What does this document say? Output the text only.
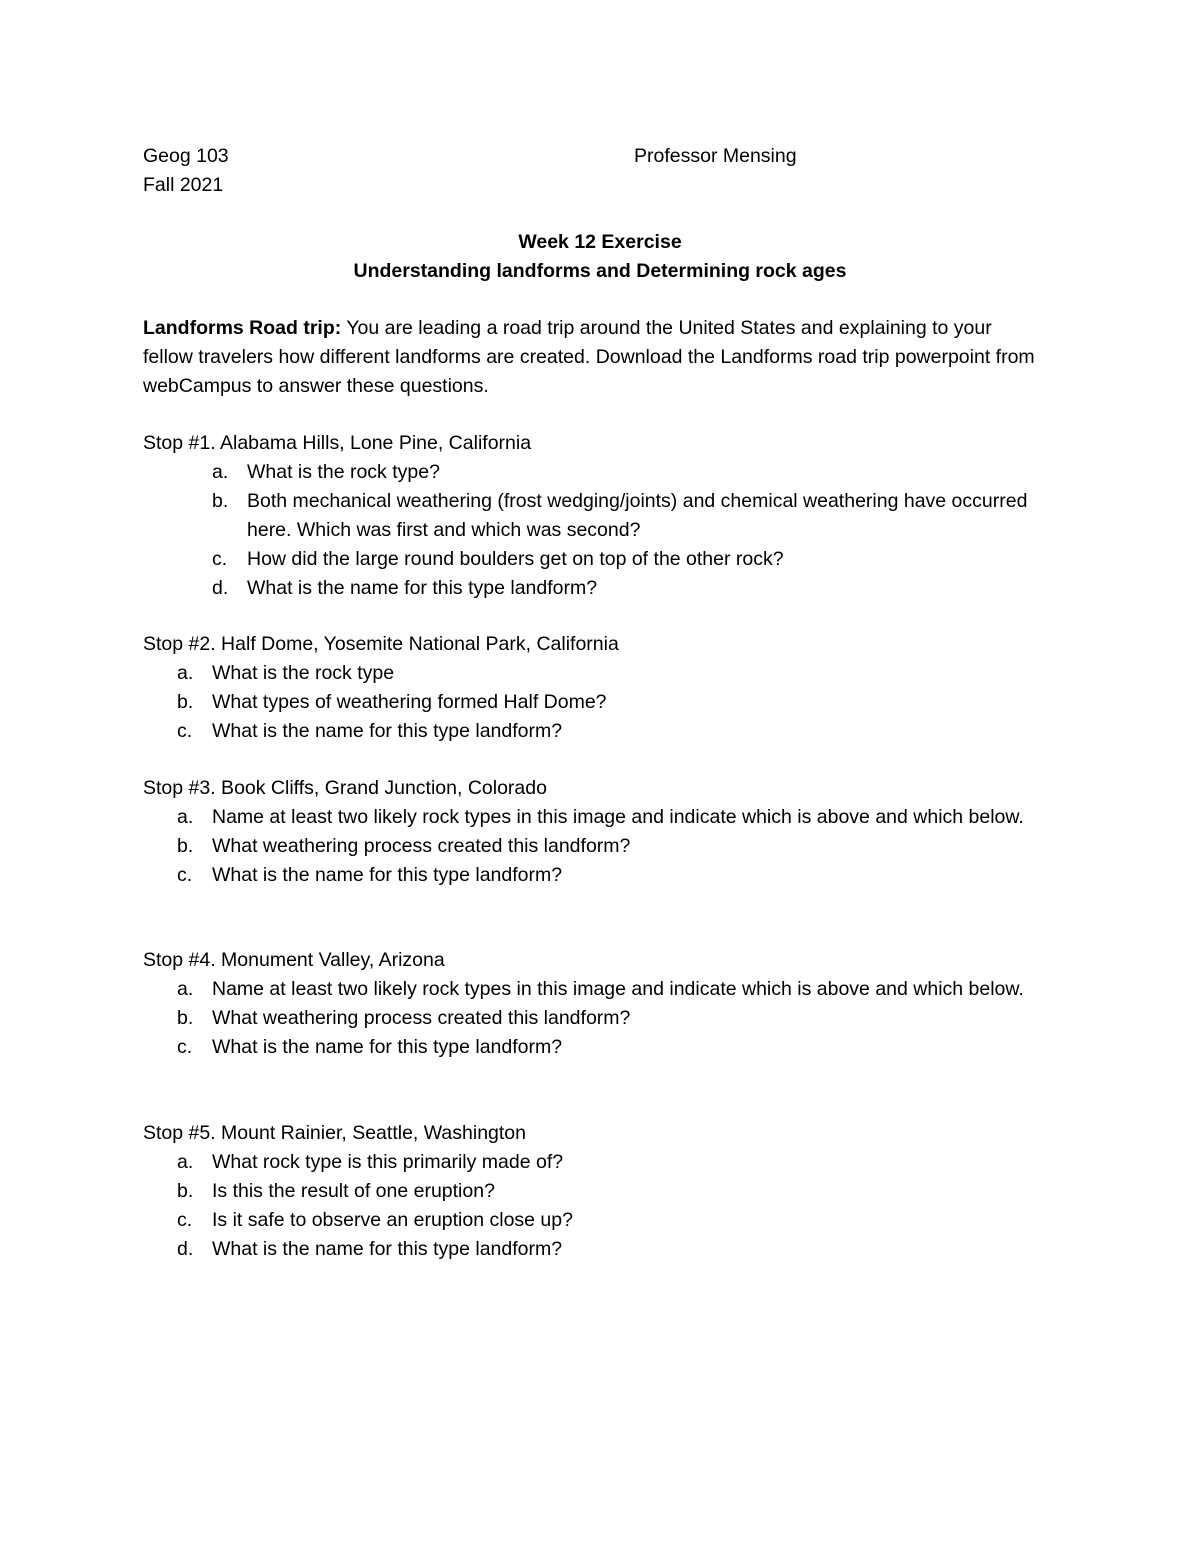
Geog 103	Professor Mensing
Fall 2021
Week 12 Exercise
Understanding landforms and Determining rock ages
Landforms Road trip: You are leading a road trip around the United States and explaining to your fellow travelers how different landforms are created. Download the Landforms road trip powerpoint from webCampus to answer these questions.
Stop #1. Alabama Hills, Lone Pine, California
a. What is the rock type?
b. Both mechanical weathering (frost wedging/joints) and chemical weathering have occurred here. Which was first and which was second?
c. How did the large round boulders get on top of the other rock?
d. What is the name for this type landform?
Stop #2. Half Dome, Yosemite National Park, California
a. What is the rock type
b. What types of weathering formed Half Dome?
c. What is the name for this type landform?
Stop #3. Book Cliffs, Grand Junction, Colorado
a. Name at least two likely rock types in this image and indicate which is above and which below.
b. What weathering process created this landform?
c. What is the name for this type landform?
Stop #4. Monument Valley, Arizona
a. Name at least two likely rock types in this image and indicate which is above and which below.
b. What weathering process created this landform?
c. What is the name for this type landform?
Stop #5. Mount Rainier, Seattle, Washington
a. What rock type is this primarily made of?
b. Is this the result of one eruption?
c. Is it safe to observe an eruption close up?
d. What is the name for this type landform?
